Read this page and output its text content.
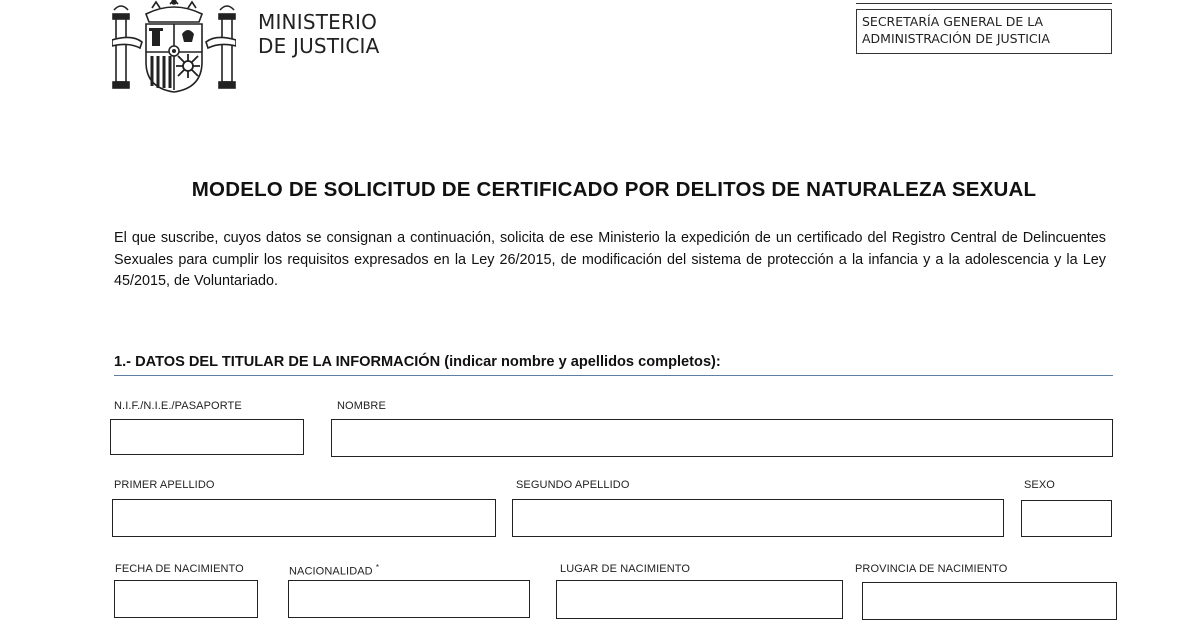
MINISTERIO
DE JUSTICIA
SECRETARÍA GENERAL DE LA
ADMINISTRACIÓN DE JUSTICIA
MODELO DE SOLICITUD DE CERTIFICADO POR DELITOS DE NATURALEZA SEXUAL
El que suscribe, cuyos datos se consignan a continuación, solicita de ese Ministerio la expedición de un certificado del Registro Central de Delincuentes Sexuales para cumplir los requisitos expresados en la Ley 26/2015, de modificación del sistema de protección a la infancia y a la adolescencia y la Ley 45/2015, de Voluntariado.
1.- DATOS DEL TITULAR DE LA INFORMACIÓN (indicar nombre y apellidos completos):
N.I.F./N.I.E./PASAPORTE	NOMBRE
PRIMER APELLIDO	SEGUNDO APELLIDO	SEXO
FECHA DE NACIMIENTO	NACIONALIDAD *	LUGAR DE NACIMIENTO	PROVINCIA DE NACIMIENTO
